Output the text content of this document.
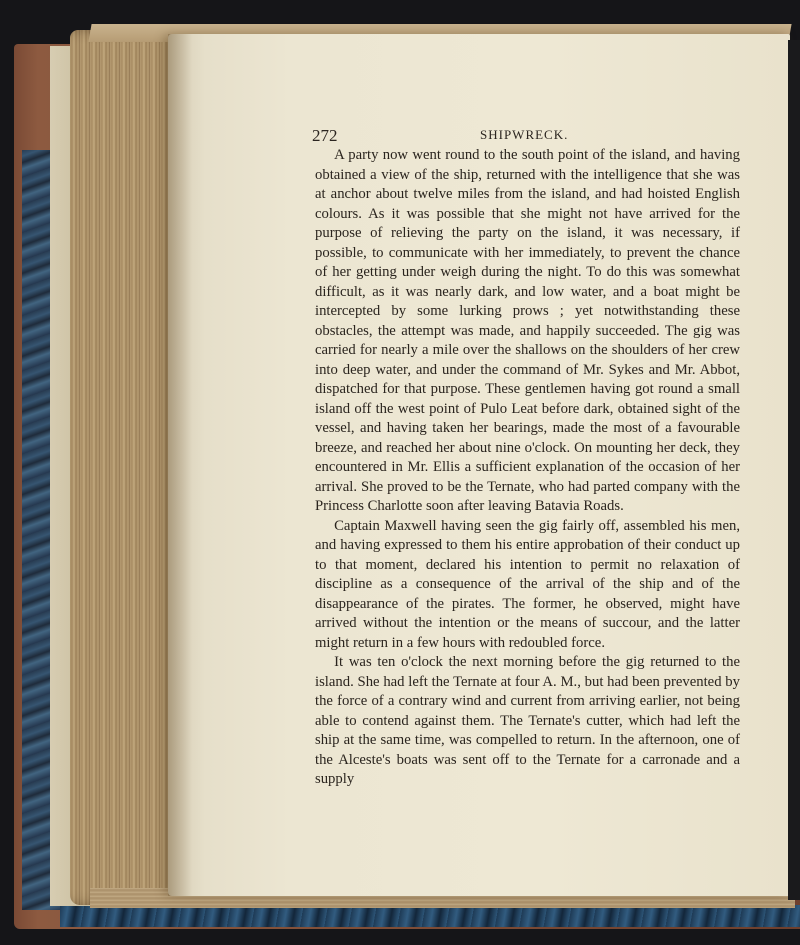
272	SHIPWRECK.

A party now went round to the south point of the island, and having obtained a view of the ship, returned with the intelligence that she was at anchor about twelve miles from the island, and had hoisted English colours. As it was possible that she might not have arrived for the purpose of relieving the party on the island, it was necessary, if possible, to communicate with her immediately, to prevent the chance of her getting under weigh during the night. To do this was somewhat difficult, as it was nearly dark, and low water, and a boat might be intercepted by some lurking prows ; yet notwithstanding these obstacles, the attempt was made, and happily succeeded. The gig was carried for nearly a mile over the shallows on the shoulders of her crew into deep water, and under the command of Mr. Sykes and Mr. Abbot, dispatched for that purpose. These gentlemen having got round a small island off the west point of Pulo Leat before dark, obtained sight of the vessel, and having taken her bearings, made the most of a favourable breeze, and reached her about nine o'clock. On mounting her deck, they encountered in Mr. Ellis a sufficient explanation of the occasion of her arrival. She proved to be the Ternate, who had parted company with the Princess Charlotte soon after leaving Batavia Roads.

Captain Maxwell having seen the gig fairly off, assembled his men, and having expressed to them his entire approbation of their conduct up to that moment, declared his intention to permit no relaxation of discipline as a consequence of the arrival of the ship and of the disappearance of the pirates. The former, he observed, might have arrived without the intention or the means of succour, and the latter might return in a few hours with redoubled force.

It was ten o'clock the next morning before the gig returned to the island. She had left the Ternate at four A. M., but had been prevented by the force of a contrary wind and current from arriving earlier, not being able to contend against them. The Ternate's cutter, which had left the ship at the same time, was compelled to return. In the afternoon, one of the Alceste's boats was sent off to the Ternate for a carronade and a supply
